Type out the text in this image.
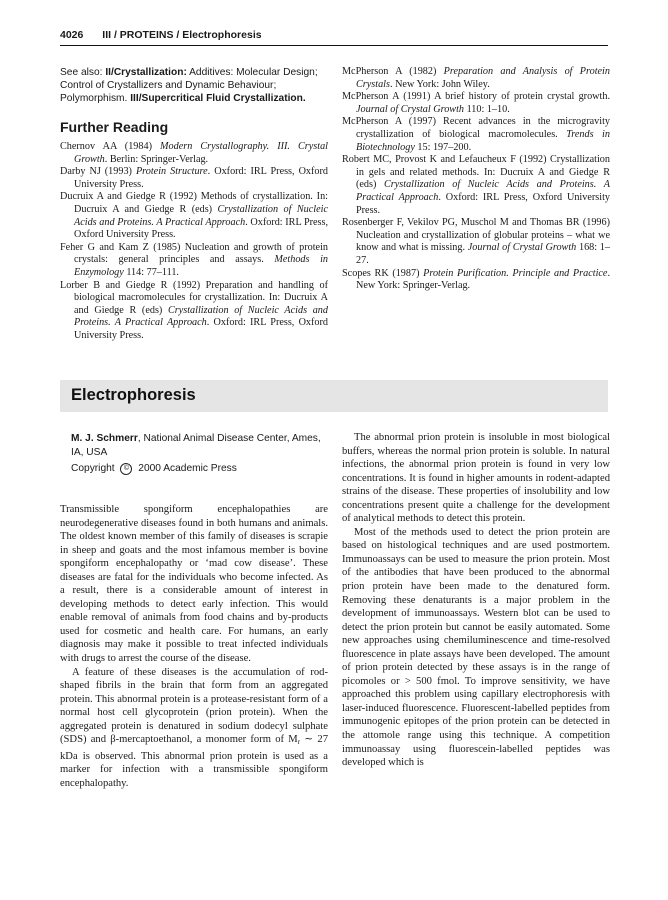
4026 III / PROTEINS / Electrophoresis

See also: II/Crystallization: Additives: Molecular Design; Control of Crystallizers and Dynamic Behaviour; Polymorphism. III/Supercritical Fluid Crystallization.

Further Reading

Chernov AA (1984) Modern Crystallography. III. Crystal Growth. Berlin: Springer-Verlag.

Darby NJ (1993) Protein Structure. Oxford: IRL Press, Oxford University Press.

Ducruix A and Giedge R (1992) Methods of crystallization. In: Ducruix A and Giedge R (eds) Crystallization of Nucleic Acids and Proteins. A Practical Approach. Oxford: IRL Press, Oxford University Press.

Feher G and Kam Z (1985) Nucleation and growth of protein crystals: general principles and assays. Methods in Enzymology 114: 77–111.

Lorber B and Giedge R (1992) Preparation and handling of biological macromolecules for crystallization. In: Ducruix A and Giedge R (eds) Crystallization of Nucleic Acids and Proteins. A Practical Approach. Oxford: IRL Press, Oxford University Press.

McPherson A (1982) Preparation and Analysis of Protein Crystals. New York: John Wiley.

McPherson A (1991) A brief history of protein crystal growth. Journal of Crystal Growth 110: 1–10.

McPherson A (1997) Recent advances in the microgravity crystallization of biological macromolecules. Trends in Biotechnology 15: 197–200.

Robert MC, Provost K and Lefaucheux F (1992) Crystallization in gels and related methods. In: Ducruix A and Giedge R (eds) Crystallization of Nucleic Acids and Proteins. A Practical Approach. Oxford: IRL Press, Oxford University Press.

Rosenberger F, Vekilov PG, Muschol M and Thomas BR (1996) Nucleation and crystallization of globular proteins – what we know and what is missing. Journal of Crystal Growth 168: 1–27.

Scopes RK (1987) Protein Purification. Principle and Practice. New York: Springer-Verlag.

Electrophoresis
M. J. Schmerr, National Animal Disease Center, Ames, IA, USA
Copyright © 2000 Academic Press

Transmissible spongiform encephalopathies are neurodegenerative diseases found in both humans and animals. The oldest known member of this family of diseases is scrapie in sheep and goats and the most infamous member is bovine spongiform encephalopathy or ‘mad cow disease’. These diseases are fatal for the individuals who become infected. As a result, there is a considerable amount of interest in developing methods to detect early infection. This would enable removal of animals from food chains and by-products used for cosmetic and health care. For humans, an early diagnosis may make it possible to treat infected individuals with drugs to arrest the course of the disease.

A feature of these diseases is the accumulation of rod-shaped fibrils in the brain that form from an aggregated protein. This abnormal protein is a protease-resistant form of a normal host cell glycoprotein (prion protein). When the aggregated protein is denatured in sodium dodecyl sulphate (SDS) and β-mercaptoethanol, a monomer form of $M_r$ ∼ 27 kDa is observed. This abnormal prion protein is used as a marker for infection with a transmissible spongiform encephalopathy.

The abnormal prion protein is insoluble in most biological buffers, whereas the normal prion protein is soluble. In natural infections, the abnormal prion protein is found in very low concentrations. It is found in higher amounts in rodent-adapted strains of the disease. These properties of insolubility and low concentrations present quite a challenge for the development of analytical methods to detect this protein.

Most of the methods used to detect the prion protein are based on histological techniques and are used postmortem. Immunoassays can be used to measure the prion protein. Most of the antibodies that have been produced to the abnormal prion protein have been made to the denatured form. Removing these denaturants is a major problem in the development of immunoassays. Western blot can be used to detect the prion protein but cannot be easily automated. Some new approaches using chemiluminescence and time-resolved fluorescence in plate assays have been developed. The amount of prion protein detected by these assays is in the range of picomoles or > 500 fmol. To improve sensitivity, we have approached this problem using capillary electrophoresis with laser-induced fluorescence. Fluorescent-labelled peptides from immunogenic epitopes of the prion protein can be detected in the attomole range using this technique. A competition immunoassay using fluorescein-labelled peptides was developed which is
